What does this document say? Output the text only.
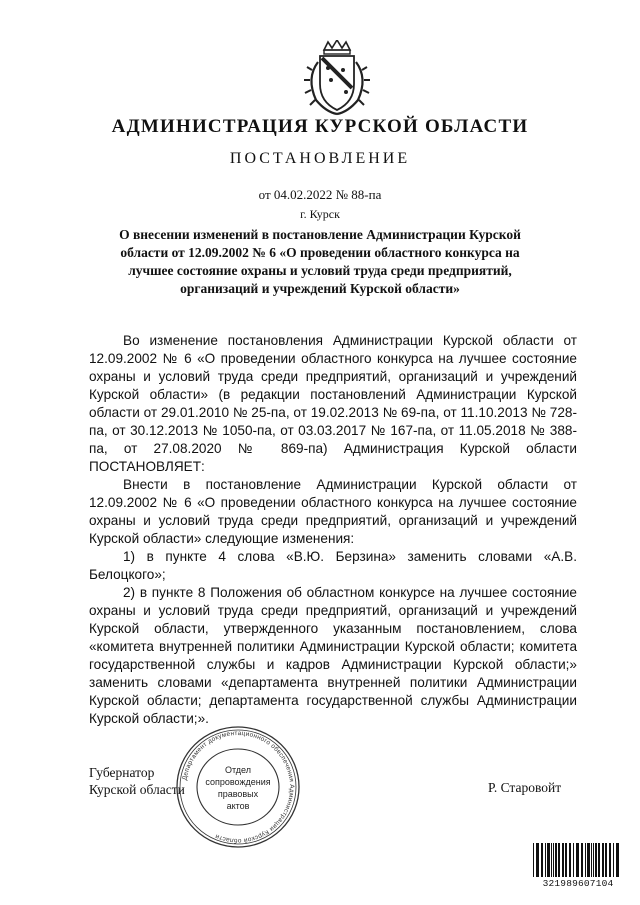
АДМИНИСТРАЦИЯ КУРСКОЙ ОБЛАСТИ
ПОСТАНОВЛЕНИЕ
от 04.02.2022 № 88-па
г. Курск
О внесении изменений в постановление Администрации Курской области от 12.09.2002 № 6 «О проведении областного конкурса на лучшее состояние охраны и условий труда среди предприятий, организаций и учреждений Курской области»

Во изменение постановления Администрации Курской области от 12.09.2002 № 6 «О проведении областного конкурса на лучшее состояние охраны и условий труда среди предприятий, организаций и учреждений Курской области» (в редакции постановлений Администрации Курской области от 29.01.2010 № 25-па, от 19.02.2013 № 69-па, от 11.10.2013 № 728-па, от 30.12.2013 № 1050-па, от 03.03.2017 № 167-па, от 11.05.2018 № 388-па, от 27.08.2020 № 869-па) Администрация Курской области ПОСТАНОВЛЯЕТ:

Внести в постановление Администрации Курской области от 12.09.2002 № 6 «О проведении областного конкурса на лучшее состояние охраны и условий труда среди предприятий, организаций и учреждений Курской области» следующие изменения:

1) в пункте 4 слова «В.Ю. Берзина» заменить словами «А.В. Белоцкого»;

2) в пункте 8 Положения об областном конкурсе на лучшее состояние охраны и условий труда среди предприятий, организаций и учреждений Курской области, утвержденного указанным постановлением, слова «комитета внутренней политики Администрации Курской области; комитета государственной службы и кадров Администрации Курской области;» заменить словами «департамента внутренней политики Администрации Курской области; департамента государственной службы Администрации Курской области;».

Губернатор
Курской области	Р. Старовойт
Департамент документационного обеспечения Администрации Курской области
Отдел
сопровождения
правовых
актов
321989607104
